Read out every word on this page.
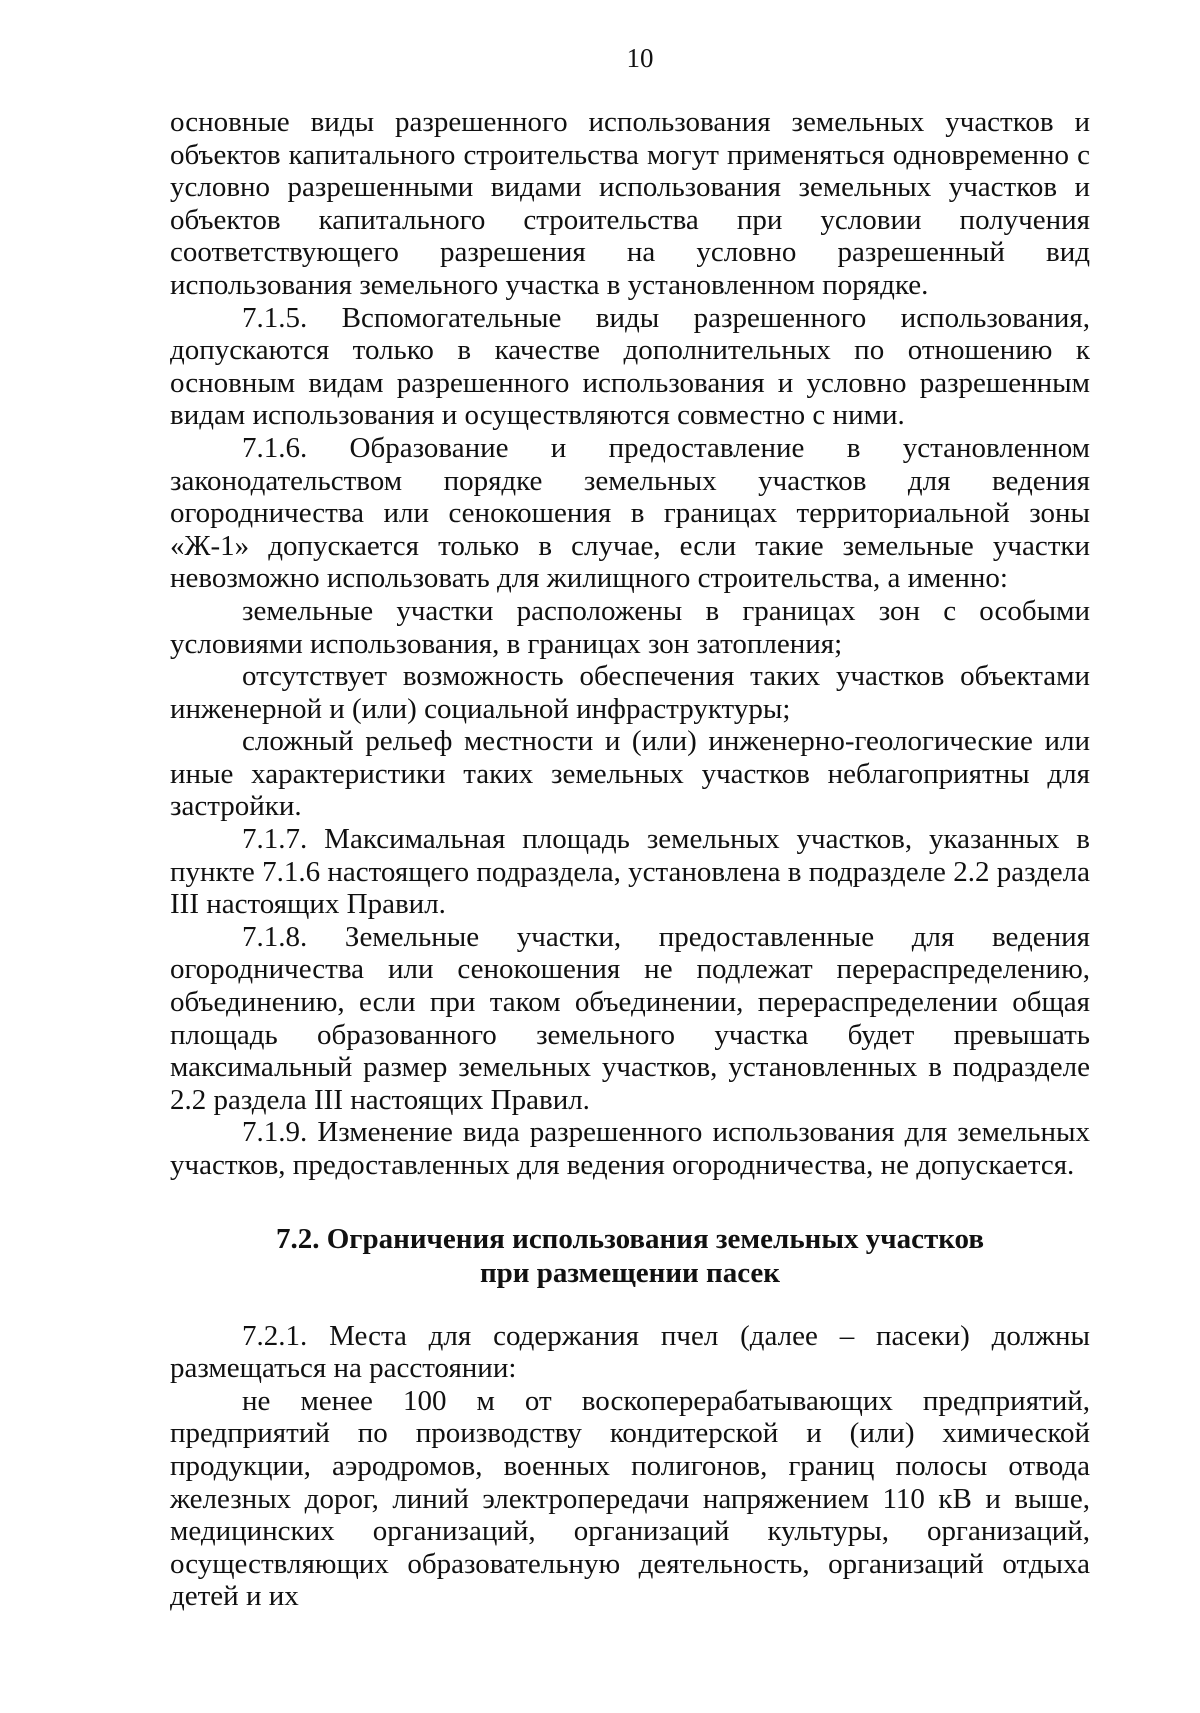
10

основные виды разрешенного использования земельных участков и объектов капитального строительства могут применяться одновременно с условно разрешенными видами использования земельных участков и объектов капитального строительства при условии получения соответствующего разрешения на условно разрешенный вид использования земельного участка в установленном порядке.

7.1.5. Вспомогательные виды разрешенного использования, допускаются только в качестве дополнительных по отношению к основным видам разрешенного использования и условно разрешенным видам использования и осуществляются совместно с ними.

7.1.6. Образование и предоставление в установленном законодательством порядке земельных участков для ведения огородничества или сенокошения в границах территориальной зоны «Ж-1» допускается только в случае, если такие земельные участки невозможно использовать для жилищного строительства, а именно:

земельные участки расположены в границах зон с особыми условиями использования, в границах зон затопления;

отсутствует возможность обеспечения таких участков объектами инженерной и (или) социальной инфраструктуры;

сложный рельеф местности и (или) инженерно-геологические или иные характеристики таких земельных участков неблагоприятны для застройки.

7.1.7. Максимальная площадь земельных участков, указанных в пункте 7.1.6 настоящего подраздела, установлена в подразделе 2.2 раздела III настоящих Правил.

7.1.8. Земельные участки, предоставленные для ведения огородничества или сенокошения не подлежат перераспределению, объединению, если при таком объединении, перераспределении общая площадь образованного земельного участка будет превышать максимальный размер земельных участков, установленных в подразделе 2.2 раздела III настоящих Правил.

7.1.9. Изменение вида разрешенного использования для земельных участков, предоставленных для ведения огородничества, не допускается.

7.2. Ограничения использования земельных участков
при размещении пасек

7.2.1. Места для содержания пчел (далее – пасеки) должны размещаться на расстоянии:

не менее 100 м от воскоперерабатывающих предприятий, предприятий по производству кондитерской и (или) химической продукции, аэродромов, военных полигонов, границ полосы отвода железных дорог, линий электропередачи напряжением 110 кВ и выше, медицинских организаций, организаций культуры, организаций, осуществляющих образовательную деятельность, организаций отдыха детей и их
